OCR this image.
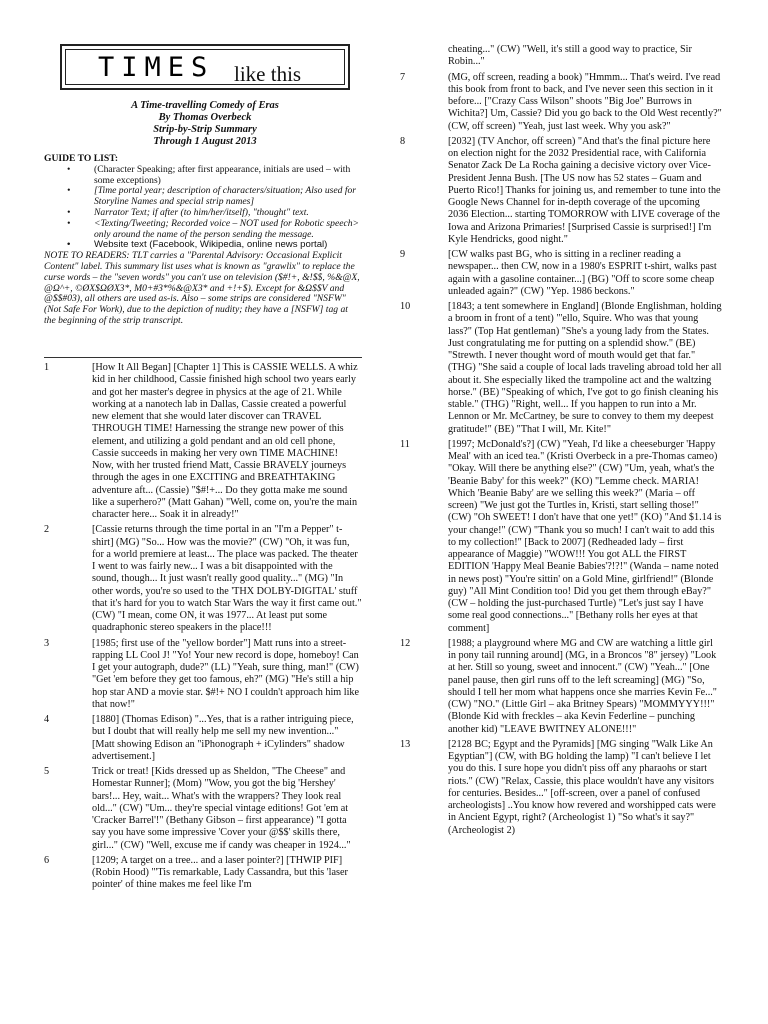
TIMES like this
A Time-travelling Comedy of Eras
By Thomas Overbeck
Strip-by-Strip Summary
Through 1 August 2013
GUIDE TO LIST:
• (Character Speaking; after first appearance, initials are used – with some exceptions)
• [Time portal year; description of characters/situation; Also used for Storyline Names and special strip names]
• Narrator Text; if after (to him/her/itself), "thought" text.
• <Texting/Tweeting; Recorded voice – NOT used for Robotic speech> only around the name of the person sending the message.
• Website text (Facebook, Wikipedia, online news portal)
NOTE TO READERS: TLT carries a "Parental Advisory: Occasional Explicit Content" label. This summary list uses what is known as "grawlix" to replace the curse words – the "seven words" you can't use on television ($#!+, &!$$, %&@X, @Ω^+, ©ØX$ΩØX3*, M0+#3*%&@X3* and +!+$). Except for &Ω$$V and @$$#03), all others are used as-is. Also – some strips are considered "NSFW" (Not Safe For Work), due to the depiction of nudity; they have a [NSFW] tag at the beginning of the strip transcript.
1	[How It All Began] [Chapter 1] This is CASSIE WELLS. A whiz kid in her childhood, Cassie finished high school two years early and got her master's degree in physics at the age of 21. While working at a nanotech lab in Dallas, Cassie created a powerful new element that she would later discover can TRAVEL THROUGH TIME! Harnessing the strange new power of this element, and utilizing a gold pendant and an old cell phone, Cassie succeeds in making her very own TIME MACHINE! Now, with her trusted friend Matt, Cassie BRAVELY journeys through the ages in one EXCITING and BREATHTAKING adventure aft... (Cassie) "$#!+... Do they gotta make me sound like a superhero?" (Matt Gahan) "Well, come on, you're the main character here... Soak it in already!"
2	[Cassie returns through the time portal in an "I'm a Pepper" t-shirt] (MG) "So... How was the movie?" (CW) "Oh, it was fun, for a world premiere at least... The place was packed. The theater I went to was fairly new... I was a bit disappointed with the sound, though... It just wasn't really good quality..." (MG) "In other words, you're so used to the 'THX DOLBY-DIGITAL' stuff that it's hard for you to watch Star Wars the way it first came out." (CW) "I mean, come ON, it was 1977... At least put some quadraphonic stereo speakers in the place!!!
3	[1985; first use of the "yellow border"] Matt runs into a street-rapping LL Cool J! "Yo! Your new record is dope, homeboy! Can I get your autograph, dude?" (LL) "Yeah, sure thing, man!" (CW) "Get 'em before they get too famous, eh?" (MG) "He's still a hip hop star AND a movie star. $#!+ NO I couldn't approach him like that now!"
4	[1880] (Thomas Edison) "...Yes, that is a rather intriguing piece, but I doubt that will really help me sell my new invention..." [Matt showing Edison an "iPhonograph + iCylinders" shadow advertisement.]
5	Trick or treat! [Kids dressed up as Sheldon, "The Cheese" and Homestar Runner]; (Mom) "Wow, you got the big 'Hershey' bars!... Hey, wait... What's with the wrappers? They look real old..." (CW) "Um... they're special vintage editions! Got 'em at 'Cracker Barrel'!" (Bethany Gibson – first appearance) "I gotta say you have some impressive 'Cover your @$$' skills there, girl..." (CW) "Well, excuse me if candy was cheaper in 1924..."
6	[1209; A target on a tree... and a laser pointer?] [THWIP PIF] (Robin Hood) "'Tis remarkable, Lady Cassandra, but this 'laser pointer' of thine makes me feel like I'm
cheating..." (CW) "Well, it's still a good way to practice, Sir Robin..."
7	(MG, off screen, reading a book) "Hmmm... That's weird. I've read this book from front to back, and I've never seen this section in it before... ["Crazy Cass Wilson" shoots "Big Joe" Burrows in Wichita?] Um, Cassie? Did you go back to the Old West recently?" (CW, off screen) "Yeah, just last week. Why you ask?"
8	[2032] (TV Anchor, off screen) "And that's the final picture here on election night for the 2032 Presidential race, with California Senator Zack De La Rocha gaining a decisive victory over Vice-President Jenna Bush. [The US now has 52 states – Guam and Puerto Rico!] Thanks for joining us, and remember to tune into the Google News Channel for in-depth coverage of the upcoming 2036 Election... starting TOMORROW with LIVE coverage of the Iowa and Arizona Primaries! [Surprised Cassie is surprised!] I'm Kyle Hendricks, good night."
9	[CW walks past BG, who is sitting in a recliner reading a newspaper... then CW, now in a 1980's ESPRIT t-shirt, walks past again with a gasoline container...] (BG) "Off to score some cheap unleaded again?" (CW) "Yep. 1986 beckons."
10	[1843; a tent somewhere in England] (Blonde Englishman, holding a broom in front of a tent) "'ello, Squire. Who was that young lass?" (Top Hat gentleman) "She's a young lady from the States. Just congratulating me for putting on a splendid show." (BE) "Strewth. I never thought word of mouth would get that far." (THG) "She said a couple of local lads traveling abroad told her all about it. She especially liked the trampoline act and the waltzing horse." (BE) "Speaking of which, I've got to go finish cleaning his stable." (THG) "Right, well... If you happen to run into a Mr. Lennon or Mr. McCartney, be sure to convey to them my deepest gratitude!" (BE) "That I will, Mr. Kite!"
11	[1997; McDonald's?] (CW) "Yeah, I'd like a cheeseburger 'Happy Meal' with an iced tea." (Kristi Overbeck in a pre-Thomas cameo) "Okay. Will there be anything else?" (CW) "Um, yeah, what's the 'Beanie Baby' for this week?" (KO) "Lemme check. MARIA! Which 'Beanie Baby' are we selling this week?" (Maria – off screen) "We just got the Turtles in, Kristi, start selling those!" (CW) "Oh SWEET! I don't have that one yet!" (KO) "And $1.14 is your change!" (CW) "Thank you so much! I can't wait to add this to my collection!" [Back to 2007] (Redheaded lady – first appearance of Maggie) "WOW!!! You got ALL the FIRST EDITION 'Happy Meal Beanie Babies'?!?!" (Wanda – name noted in news post) "You're sittin' on a Gold Mine, girlfriend!" (Blonde guy) "All Mint Condition too! Did you get them through eBay?" (CW – holding the just-purchased Turtle) "Let's just say I have some real good connections..." [Bethany rolls her eyes at that comment]
12	[1988; a playground where MG and CW are watching a little girl in pony tail running around] (MG, in a Broncos "8" jersey) "Look at her. Still so young, sweet and innocent." (CW) "Yeah..." [One panel pause, then girl runs off to the left screaming] (MG) "So, should I tell her mom what happens once she marries Kevin Fe..." (CW) "NO." (Little Girl – aka Britney Spears) "MOMMYYY!!!" (Blonde Kid with freckles – aka Kevin Federline – punching another kid) "LEAVE BWITNEY ALONE!!!"
13	[2128 BC; Egypt and the Pyramids] [MG singing "Walk Like An Egyptian"] (CW, with BG holding the lamp) "I can't believe I let you do this. I sure hope you didn't piss off any pharaohs or start riots." (CW) "Relax, Cassie, this place wouldn't have any visitors for centuries. Besides..." [off-screen, over a panel of confused archeologists] ..You know how revered and worshipped cats were in Ancient Egypt, right? (Archeologist 1) "So what's it say?" (Archeologist 2)
